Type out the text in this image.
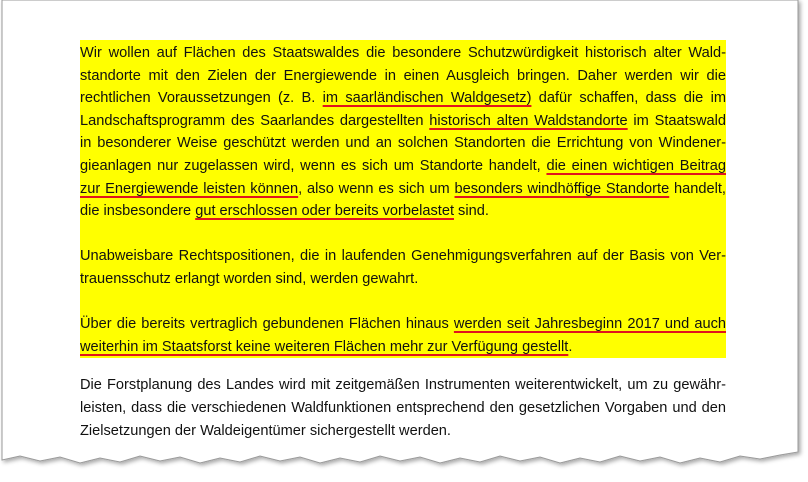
Wir wollen auf Flächen des Staatswaldes die besondere Schutzwürdigkeit historisch alter Wald-standorte mit den Zielen der Energiewende in einen Ausgleich bringen. Daher werden wir die rechtlichen Voraussetzungen (z. B. im saarländischen Waldgesetz) dafür schaffen, dass die im Landschaftsprogramm des Saarlandes dargestellten historisch alten Waldstandorte im Staatswald in besonderer Weise geschützt werden und an solchen Standorten die Errichtung von Windener-gieanlagen nur zugelassen wird, wenn es sich um Standorte handelt, die einen wichtigen Beitrag zur Energiewende leisten können, also wenn es sich um besonders windhöffige Standorte handelt, die insbesondere gut erschlossen oder bereits vorbelastet sind.

Unabweisbare Rechtspositionen, die in laufenden Genehmigungsverfahren auf der Basis von Ver-trauensschutz erlangt worden sind, werden gewahrt.

Über die bereits vertraglich gebundenen Flächen hinaus werden seit Jahresbeginn 2017 und auch weiterhin im Staatsforst keine weiteren Flächen mehr zur Verfügung gestellt.

Die Forstplanung des Landes wird mit zeitgemäßen Instrumenten weiterentwickelt, um zu gewähr-leisten, dass die verschiedenen Waldfunktionen entsprechend den gesetzlichen Vorgaben und den Zielsetzungen der Waldeigentümer sichergestellt werden.
